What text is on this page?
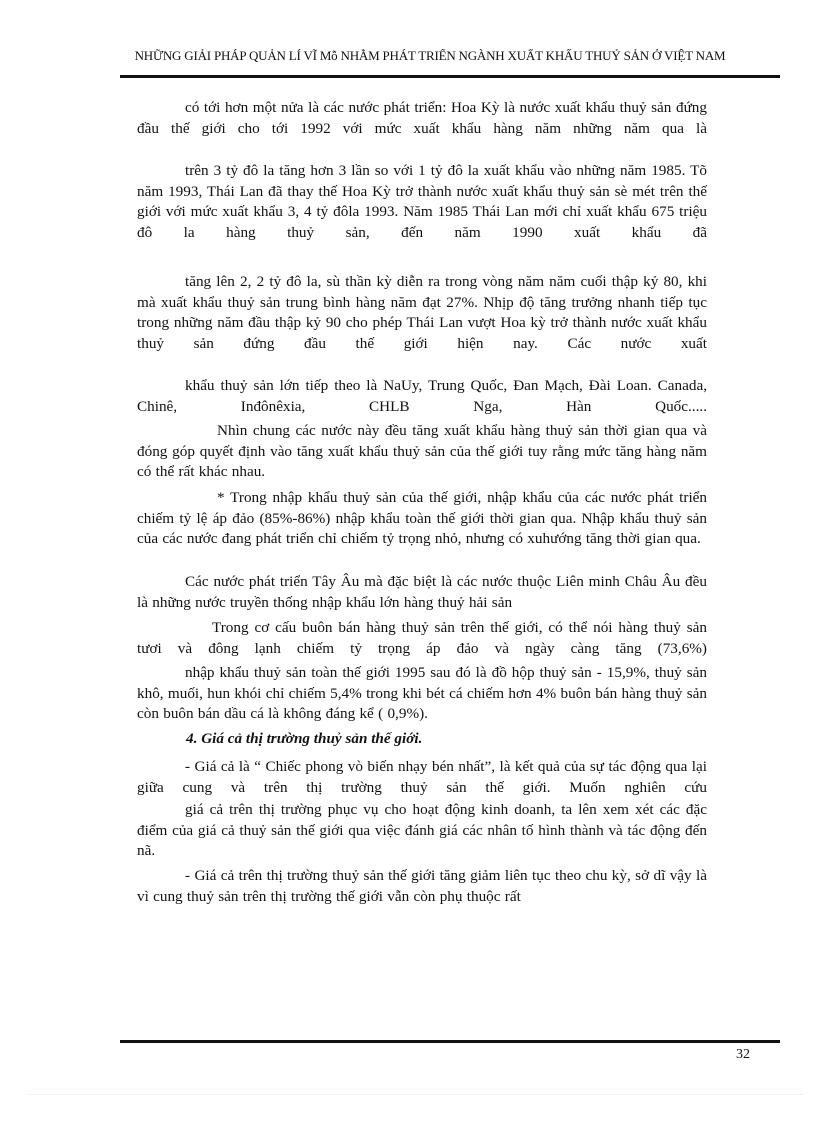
NHỮNG GIẢI PHÁP QUẢN LÍ VĨ Mỗ NHẰM PHÁT TRIỂN NGÀNH XUẤT KHẨU THUỶ SẢN Ở VIỆT NAM
có tới hơn một nửa là các nước phát triển: Hoa Kỳ là nước xuất khẩu thuỷ sản đứng đầu thế giới cho tới 1992 với mức xuất khẩu hàng năm những năm qua là
trên 3 tỷ đô la tăng hơn 3 lần so với 1 tỷ đô la xuất khẩu vào những năm 1985. Tõ năm 1993, Thái Lan đã thay thế Hoa Kỳ trở thành nước xuất khẩu thuỷ sản sè mét trên thế giới với mức xuất khẩu 3, 4 tỷ đôla 1993. Năm 1985 Thái Lan mới chỉ xuất khẩu 675 triệu đô la hàng thuỷ sản, đến năm 1990 xuất khẩu đã
tăng lên 2, 2 tỷ đô la, sù thần kỳ diễn ra trong vòng năm năm cuối thập kỷ 80, khi mà xuất khẩu thuỷ sản trung bình hàng năm đạt 27%. Nhịp độ tăng trưởng nhanh tiếp tục trong những năm đầu thập kỷ 90 cho phép Thái Lan vượt Hoa kỳ trở thành nước xuất khẩu thuỷ sản đứng đầu thế giới hiện nay. Các nước xuất
khẩu thuỷ sản lớn tiếp theo là NaUy, Trung Quốc, Đan Mạch, Đài Loan. Canada, Chinê, Inđônêxia, CHLB Nga, Hàn Quốc.....
Nhìn chung các nước này đều tăng xuất khẩu hàng thuỷ sản thời gian qua và đóng góp quyết định vào tăng xuất khẩu thuỷ sản của thế giới tuy rằng mức tăng hàng năm có thể rất khác nhau.
* Trong nhập khẩu thuỷ sản của thế giới, nhập khẩu của các nước phát triển chiếm tỷ lệ áp đảo (85%-86%) nhập khẩu toàn thế giới thời gian qua. Nhập khẩu thuỷ sản của các nước đang phát triển chỉ chiếm tỷ trọng nhỏ, nhưng có xuhướng tăng thời gian qua.
Các nước phát triển Tây Âu mà đặc biệt là các nước thuộc Liên minh Châu Âu đều là những nước truyền thống nhập khẩu lớn hàng thuỷ hải sản
Trong cơ cấu buôn bán hàng thuỷ sản trên thế giới, có thể nói hàng thuỷ sản tươi và đông lạnh chiếm tỷ trọng áp đảo và ngày càng tăng (73,6%)
nhập khẩu thuỷ sản toàn thế giới 1995 sau đó là đồ hộp thuỷ sản - 15,9%, thuỷ sản khô, muối, hun khói chỉ chiếm 5,4% trong khi bét cá chiếm hơn 4% buôn bán hàng thuỷ sản còn buôn bán dầu cá là không đáng kể ( 0,9%).
4. Giá cả thị trường thuỷ sản thế giới.
- Giá cả là “ Chiếc phong vò biến nhạy bén nhất”, là kết quả của sự tác động qua lại giữa cung và trên thị trường thuỷ sản thế giới. Muốn nghiên cứu
giá cả trên thị trường phục vụ cho hoạt động kinh doanh, ta lên xem xét các đặc điểm của giá cả thuỷ sản thế giới qua việc đánh giá các nhân tố hình thành và tác động đến nã.
- Giá cả trên thị trường thuỷ sản thế giới tăng giảm liên tục theo chu kỳ, sở dĩ vậy là vì cung thuỷ sản trên thị trường thế giới vẫn còn phụ thuộc rất
32
